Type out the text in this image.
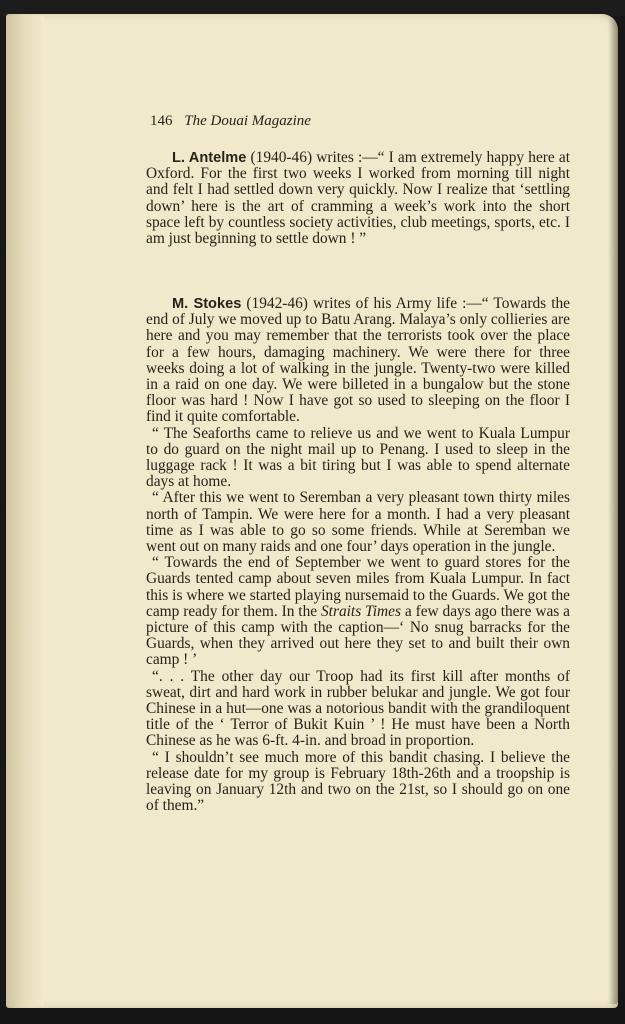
146 The Douai Magazine

L. Antelme (1940-46) writes :—“ I am extremely happy here at Oxford. For the first two weeks I worked from morning till night and felt I had settled down very quickly. Now I realize that ‘settling down’ here is the art of cramming a week’s work into the short space left by countless society activities, club meetings, sports, etc. I am just beginning to settle down ! ”

M. Stokes (1942-46) writes of his Army life :—“ Towards the end of July we moved up to Batu Arang. Malaya’s only collieries are here and you may remember that the terrorists took over the place for a few hours, damaging machinery. We were there for three weeks doing a lot of walking in the jungle. Twenty-two were killed in a raid on one day. We were billeted in a bungalow but the stone floor was hard ! Now I have got so used to sleeping on the floor I find it quite comfortable.

“ The Seaforths came to relieve us and we went to Kuala Lumpur to do guard on the night mail up to Penang. I used to sleep in the luggage rack ! It was a bit tiring but I was able to spend alternate days at home.

“ After this we went to Seremban a very pleasant town thirty miles north of Tampin. We were here for a month. I had a very pleasant time as I was able to go so some friends. While at Seremban we went out on many raids and one four’ days operation in the jungle.

“ Towards the end of September we went to guard stores for the Guards tented camp about seven miles from Kuala Lumpur. In fact this is where we started playing nursemaid to the Guards. We got the camp ready for them. In the Straits Times a few days ago there was a picture of this camp with the caption—‘ No snug barracks for the Guards, when they arrived out here they set to and built their own camp ! ’

“. . . The other day our Troop had its first kill after months of sweat, dirt and hard work in rubber belukar and jungle. We got four Chinese in a hut—one was a notorious bandit with the grandiloquent title of the ‘ Terror of Bukit Kuin ’ ! He must have been a North Chinese as he was 6-ft. 4-in. and broad in proportion.

“ I shouldn’t see much more of this bandit chasing. I believe the release date for my group is February 18th-26th and a troopship is leaving on January 12th and two on the 21st, so I should go on one of them.”
